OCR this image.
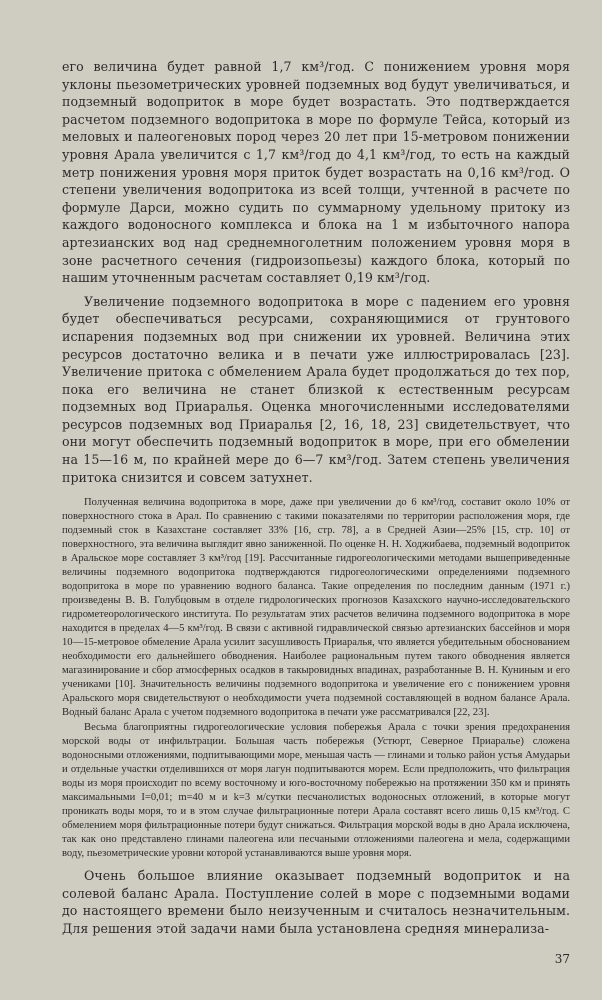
его величина будет равной 1,7 км³/год. С понижением уровня моря уклоны пьезометрических уровней подземных вод будут увеличиваться, и подземный водоприток в море будет возрастать. Это подтверждается расчетом подземного водопритока в море по формуле Тейса, который из меловых и палеогеновых пород через 20 лет при 15-метровом понижении уровня Арала увеличится с 1,7 км³/год до 4,1 км³/год, то есть на каждый метр понижения уровня моря приток будет возрастать на 0,16 км³/год. О степени увеличения водопритока из всей толщи, учтенной в расчете по формуле Дарси, можно судить по суммарному удельному притоку из каждого водоносного комплекса и блока на 1 м избыточного напора артезианских вод над среднемноголетним положением уровня моря в зоне расчетного сечения (гидроизопьезы) каждого блока, который по нашим уточненным расчетам составляет 0,19 км³/год.

Увеличение подземного водопритока в море с падением его уровня будет обеспечиваться ресурсами, сохраняющимися от грунтового испарения подземных вод при снижении их уровней. Величина этих ресурсов достаточно велика и в печати уже иллюстрировалась [23]. Увеличение притока с обмелением Арала будет продолжаться до тех пор, пока его величина не станет близкой к естественным ресурсам подземных вод Приаралья. Оценка многочисленными исследователями ресурсов подземных вод Приаралья [2, 16, 18, 23] свидетельствует, что они могут обеспечить подземный водоприток в море, при его обмелении на 15—16 м, по крайней мере до 6—7 км³/год. Затем степень увеличения притока снизится и совсем затухнет.

Полученная величина водопритока в море, даже при увеличении до 6 км³/год, составит около 10% от поверхностного стока в Арал. По сравнению с такими показателями по территории расположения моря, где подземный сток в Казахстане составляет 33% [16, стр. 78], а в Средней Азии—25% [15, стр. 10] от поверхностного, эта величина выглядит явно заниженной. По оценке Н. Н. Ходжибаева, подземный водоприток в Аральское море составляет 3 км³/год [19]. Рассчитанные гидрогеологическими методами вышеприведенные величины подземного водопритока подтверждаются гидрогеологическими определениями подземного водопритока в море по уравнению водного баланса. Такие определения по последним данным (1971 г.) произведены В. В. Голубцовым в отделе гидрологических прогнозов Казахского научно-исследовательского гидрометеорологического института. По результатам этих расчетов величина подземного водопритока в море находится в пределах 4—5 км³/год. В связи с активной гидравлической связью артезианских бассейнов и моря 10—15-метровое обмеление Арала усилит засушливость Приаралья, что является убедительным обоснованием необходимости его дальнейшего обводнения. Наиболее рациональным путем такого обводнения является магазинирование и сбор атмосферных осадков в такыровидных впадинах, разработанные В. Н. Куниным и его учениками [10]. Значительность величины подземного водопритока и увеличение его с понижением уровня Аральского моря свидетельствуют о необходимости учета подземной составляющей в водном балансе Арала. Водный баланс Арала с учетом подземного водопритока в печати уже рассматривался [22, 23].

Весьма благоприятны гидрогеологические условия побережья Арала с точки зрения предохранения морской воды от инфильтрации. Большая часть побережья (Устюрт, Северное Приаралье) сложена водоносными отложениями, подпитывающими море, меньшая часть — глинами и только район устья Амударьи и отдельные участки отделившихся от моря лагун подпитываются морем. Если предположить, что фильтрация воды из моря происходит по всему восточному и юго-восточному побережью на протяжении 350 км и принять максимальными I=0,01; m=40 м и k=3 м/сутки песчанолистых водоносных отложений, в которые могут проникать воды моря, то и в этом случае фильтрационные потери Арала составят всего лишь 0,15 км³/год. С обмелением моря фильтрационные потери будут снижаться. Фильтрация морской воды в дно Арала исключена, так как оно представлено глинами палеогена или песчаными отложениями палеогена и мела, содержащими воду, пьезометрические уровни которой устанавливаются выше уровня моря.

Очень большое влияние оказывает подземный водоприток и на солевой баланс Арала. Поступление солей в море с подземными водами до настоящего времени было неизученным и считалось незначительным. Для решения этой задачи нами была установлена средняя минерализа-

37
